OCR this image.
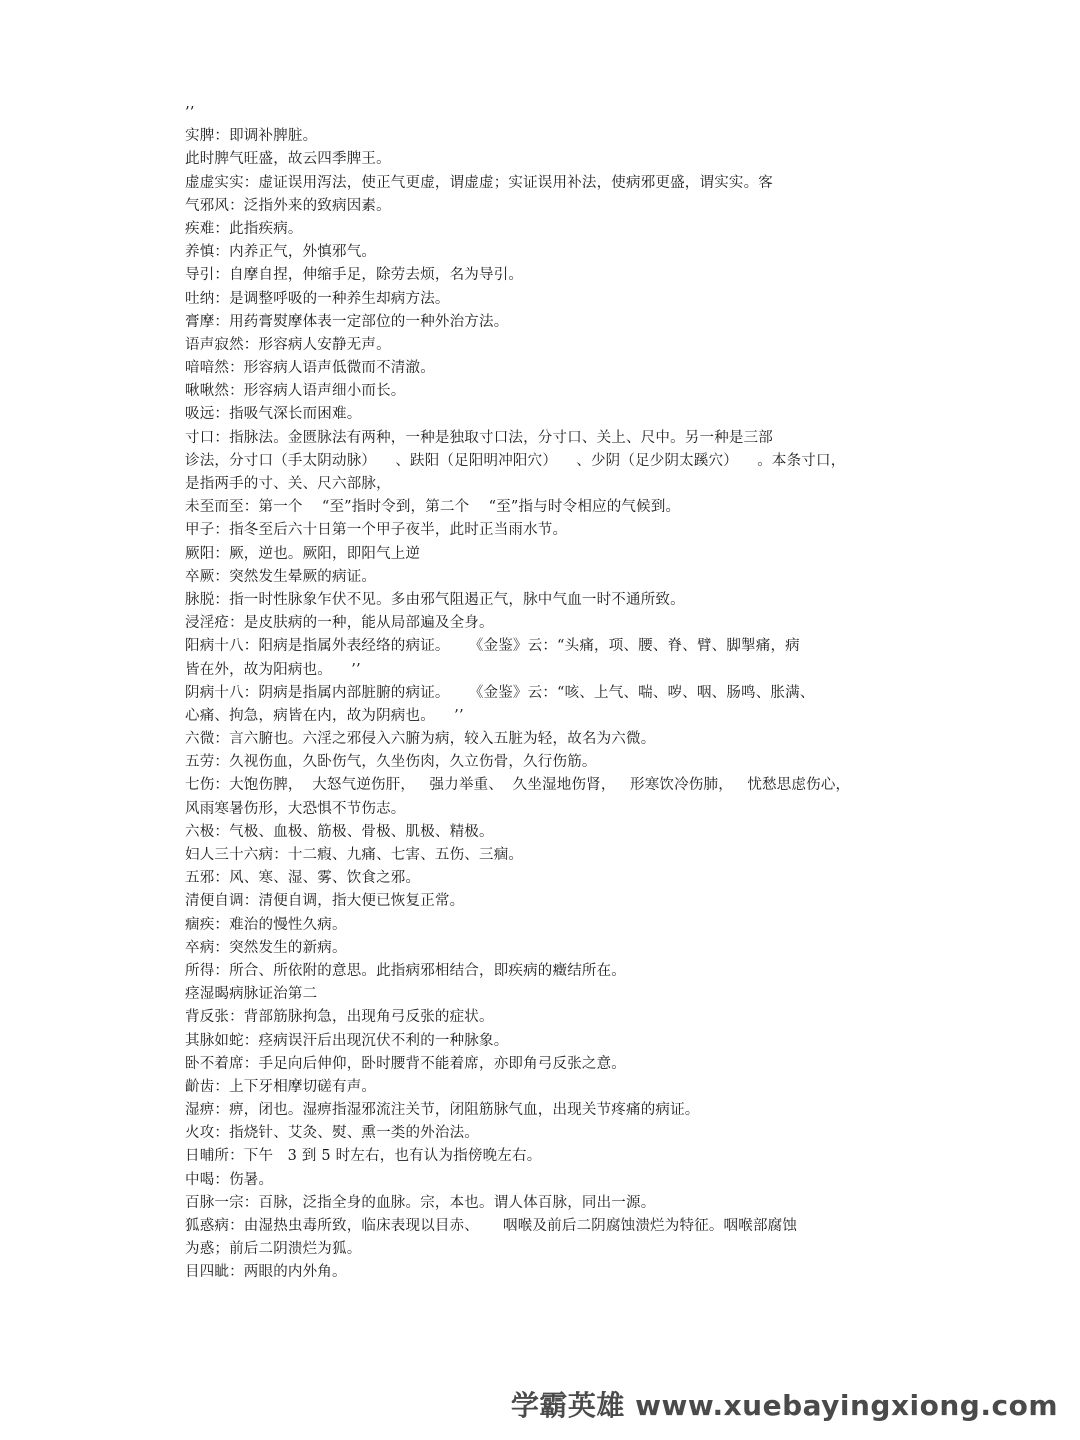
’’
实脾：即调补脾脏。
此时脾气旺盛，故云四季脾王。
虚虚实实：虚证误用泻法，使正气更虚，谓虚虚；实证误用补法，使病邪更盛，谓实实。客
气邪风：泛指外来的致病因素。
疾难：此指疾病。
养慎：内养正气，外慎邪气。
导引：自摩自捏，伸缩手足，除劳去烦，名为导引。
吐纳：是调整呼吸的一种养生却病方法。
膏摩：用药膏熨摩体表一定部位的一种外治方法。
语声寂然：形容病人安静无声。
喑喑然：形容病人语声低微而不清澈。
啾啾然：形容病人语声细小而长。
吸远：指吸气深长而困难。
寸口：指脉法。金匮脉法有两种，一种是独取寸口法，分寸口、关上、尺中。另一种是三部
诊法，分寸口（手太阴动脉）    、趺阳（足阳明冲阳穴）    、少阴（足少阴太蹊穴）    。本条寸口，
是指两手的寸、关、尺六部脉，
未至而至：第一个    “至”指时令到，第二个    “至”指与时令相应的气候到。
甲子：指冬至后六十日第一个甲子夜半，此时正当雨水节。
厥阳：厥，逆也。厥阳，即阳气上逆
卒厥：突然发生晕厥的病证。
脉脱：指一时性脉象乍伏不见。多由邪气阻遏正气，脉中气血一时不通所致。
浸淫疮：是皮肤病的一种，能从局部遍及全身。
阳病十八：阳病是指属外表经络的病证。    《金鉴》云：“头痛，项、腰、脊、臂、脚掣痛，病
皆在外，故为阳病也。    ’’
阴病十八：阴病是指属内部脏腑的病证。    《金鉴》云：“咳、上气、喘、哕、咽、肠鸣、胀满、
心痛、拘急，病皆在内，故为阴病也。    ’’
六微：言六腑也。六淫之邪侵入六腑为病，较入五脏为轻，故名为六微。
五劳：久视伤血，久卧伤气，久坐伤肉，久立伤骨，久行伤筋。
七伤：大饱伤脾，  大怒气逆伤肝，   强力举重、  久坐湿地伤肾，   形寒饮冷伤肺，   忧愁思虑伤心，
风雨寒暑伤形，大恐惧不节伤志。
六极：气极、血极、筋极、骨极、肌极、精极。
妇人三十六病：十二瘕、九痛、七害、五伤、三痼。
五邪：风、寒、湿、雾、饮食之邪。
清便自调：清便自调，指大便已恢复正常。
痼疾：难治的慢性久病。
卒病：突然发生的新病。
所得：所合、所依附的意思。此指病邪相结合，即疾病的癥结所在。
痉湿暍病脉证治第二
背反张：背部筋脉拘急，出现角弓反张的症状。
其脉如蛇：痉病误汗后出现沉伏不利的一种脉象。
卧不着席：手足向后伸仰，卧时腰背不能着席，亦即角弓反张之意。
齘齿：上下牙相摩切磋有声。
湿痹：痹，闭也。湿痹指湿邪流注关节，闭阻筋脉气血，出现关节疼痛的病证。
火攻：指烧针、艾灸、熨、熏一类的外治法。
日晡所：下午   3 到 5 时左右，也有认为指傍晚左右。
中喝：伤暑。
百脉一宗：百脉，泛指全身的血脉。宗，本也。谓人体百脉，同出一源。
狐惑病：由湿热虫毒所致，临床表现以目赤、     咽喉及前后二阴腐蚀溃烂为特征。咽喉部腐蚀
为惑；前后二阴溃烂为狐。
目四眦：两眼的内外角。
学霸英雄 www.xuebayingxiong.com
